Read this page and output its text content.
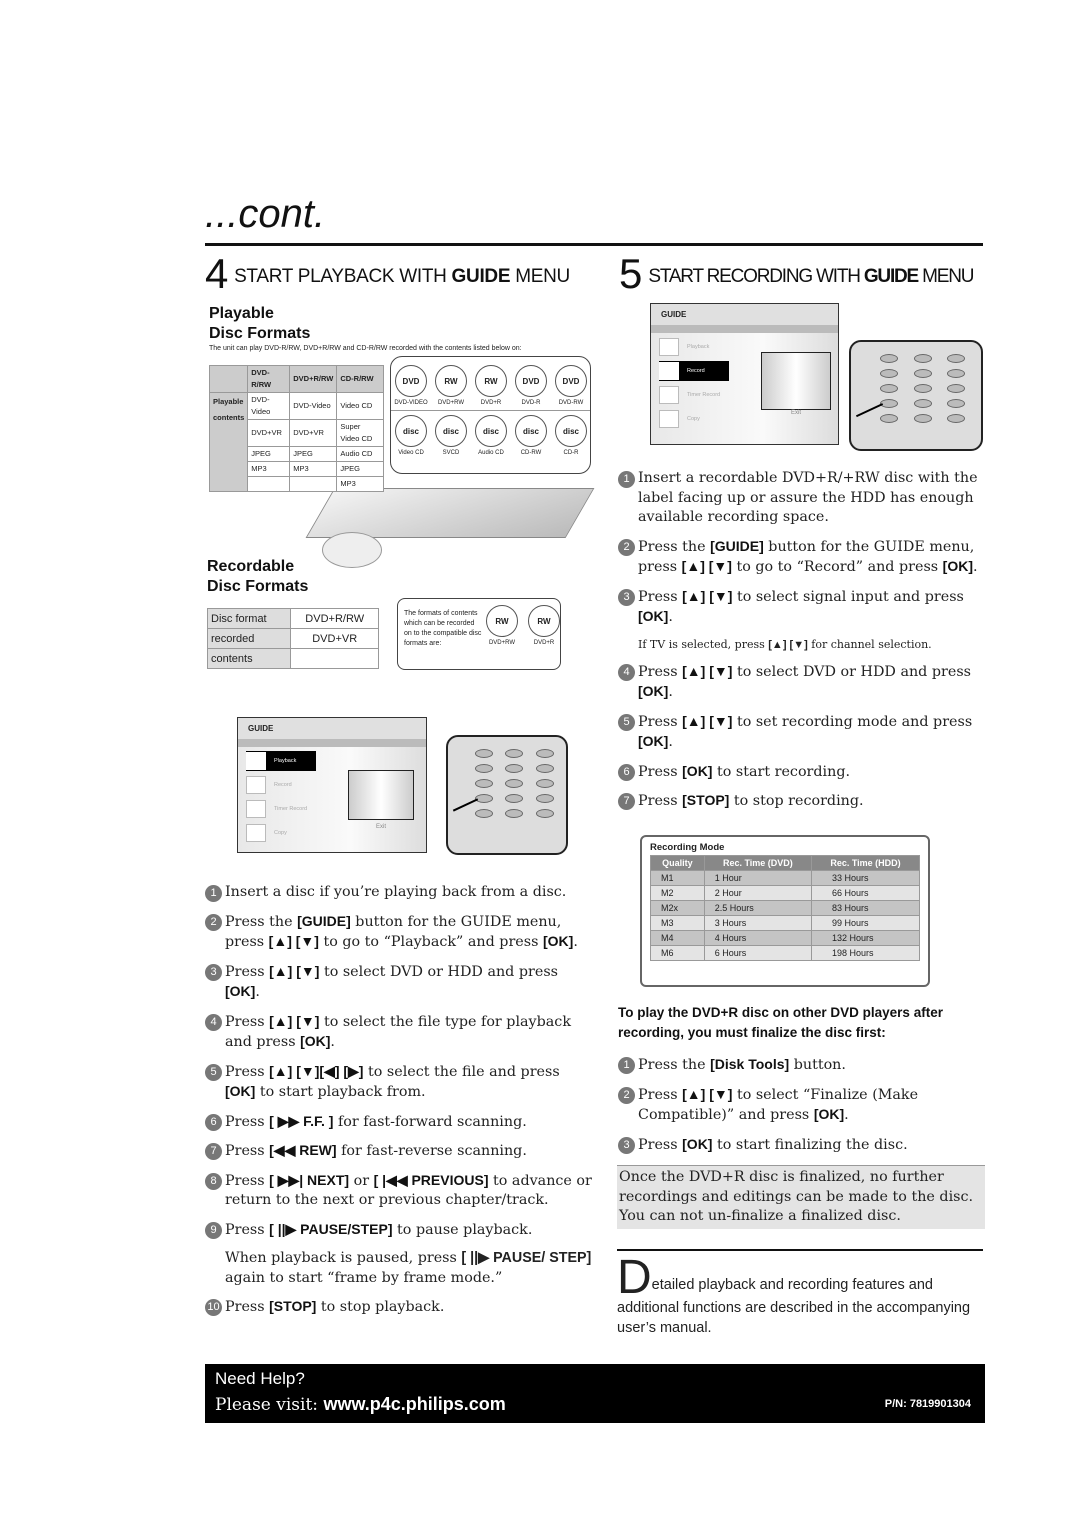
...cont.
4 START PLAYBACK WITH GUIDE MENU 5 START RECORDING WITH GUIDE MENU
Playable
Disc Formats
The unit can play DVD-R/RW, DVD+R/RW and CD-R/RW recorded with the contents listed below on:
	DVD-R/RW	DVD+R/RW	CD-R/RW

Playable
contents	DVD-Video	DVD-Video	Video CD
	DVD+VR	DVD+VR	Super Video CD
	JPEG	JPEG	Audio CD
	MP3	MP3	JPEG
			MP3
DVD
DVD-VIDEO
RW
DVD+RW
RW
DVD+R
DVD
DVD-R
DVD
DVD-RW
disc
Video CD
disc
SVCD
disc
Audio CD
disc
CD-RW
disc
CD-R
Recordable
Disc Formats
Disc format	DVD+R/RW
recorded	DVD+VR
contents	
The formats of contents which can be recorded on to the compatible disc formats are:
RW
DVD+RW
RW
DVD+R
GUIDE
Playback
Record
Timer Record
Copy
Exit
GUIDE
Playback
Record
Timer Record
Copy
Exit
1 Insert a disc if you’re playing back from a disc.
2 Press the [GUIDE] button for the GUIDE menu, press [▲] [▼] to go to “Playback” and press [OK].
3 Press [▲] [▼] to select DVD or HDD and press [OK].
4 Press [▲] [▼] to select the file type for playback and press [OK].
5 Press [▲] [▼][◀] [▶] to select the file and press [OK] to start playback from.
6 Press [ ▶▶ F.F. ] for fast-forward scanning.
7 Press [◀◀ REW] for fast-reverse scanning.
8 Press [ ▶▶| NEXT] or [ |◀◀ PREVIOUS] to advance or return to the next or previous chapter/track.
9 Press [ ||▶ PAUSE/STEP] to pause playback.
When playback is paused, press [ ||▶ PAUSE/ STEP] again to start “frame by frame mode.”
10 Press [STOP] to stop playback.
1 Insert a recordable DVD+R/+RW disc with the label facing up or assure the HDD has enough available recording space.
2 Press the [GUIDE] button for the GUIDE menu, press [▲] [▼] to go to “Record” and press [OK].
3 Press [▲] [▼] to select signal input and press [OK].
If TV is selected, press [▲] [▼] for channel selection.
4 Press [▲] [▼] to select DVD or HDD and press [OK].
5 Press [▲] [▼] to set recording mode and press [OK].
6 Press [OK] to start recording.
7 Press [STOP] to stop recording.
Recording Mode
Quality	Rec. Time (DVD)	Rec. Time (HDD)
M1	1 Hour	33 Hours
M2	2 Hour	66 Hours
M2x	2.5 Hours	83 Hours
M3	3 Hours	99 Hours
M4	4 Hours	132 Hours
M6	6 Hours	198 Hours
To play the DVD+R disc on other DVD players after recording, you must finalize the disc first:
1 Press the [Disk Tools] button.
2 Press [▲] [▼] to select “Finalize (Make Compatible)” and press [OK].
3 Press [OK] to start finalizing the disc.
Once the DVD+R disc is finalized, no further recordings and editings can be made to the disc. You can not un-finalize a finalized disc.
Detailed playback and recording features and additional functions are described in the accompanying user’s manual.
Need Help?
Please visit: www.p4c.philips.com	P/N: 7819901304
